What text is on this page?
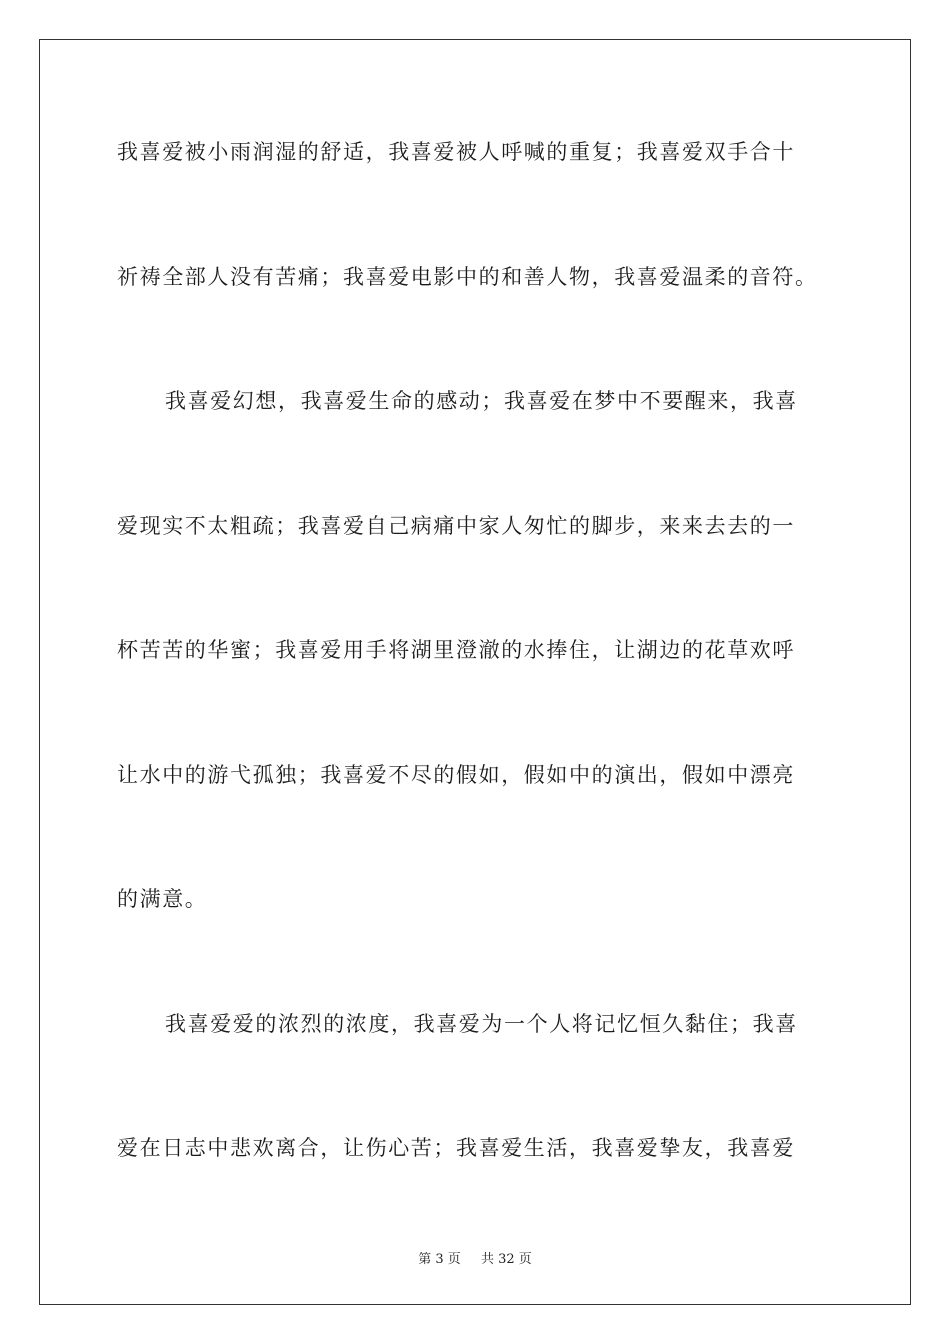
我喜爱被小雨润湿的舒适，我喜爱被人呼喊的重复；我喜爱双手合十
祈祷全部人没有苦痛；我喜爱电影中的和善人物，我喜爱温柔的音符。
我喜爱幻想，我喜爱生命的感动；我喜爱在梦中不要醒来，我喜
爱现实不太粗疏；我喜爱自己病痛中家人匆忙的脚步，来来去去的一
杯苦苦的华蜜；我喜爱用手将湖里澄澈的水捧住，让湖边的花草欢呼
让水中的游弋孤独；我喜爱不尽的假如，假如中的演出，假如中漂亮
的满意。
我喜爱爱的浓烈的浓度，我喜爱为一个人将记忆恒久黏住；我喜
爱在日志中悲欢离合，让伤心苦；我喜爱生活，我喜爱挚友，我喜爱
第 3 页 共 32 页
